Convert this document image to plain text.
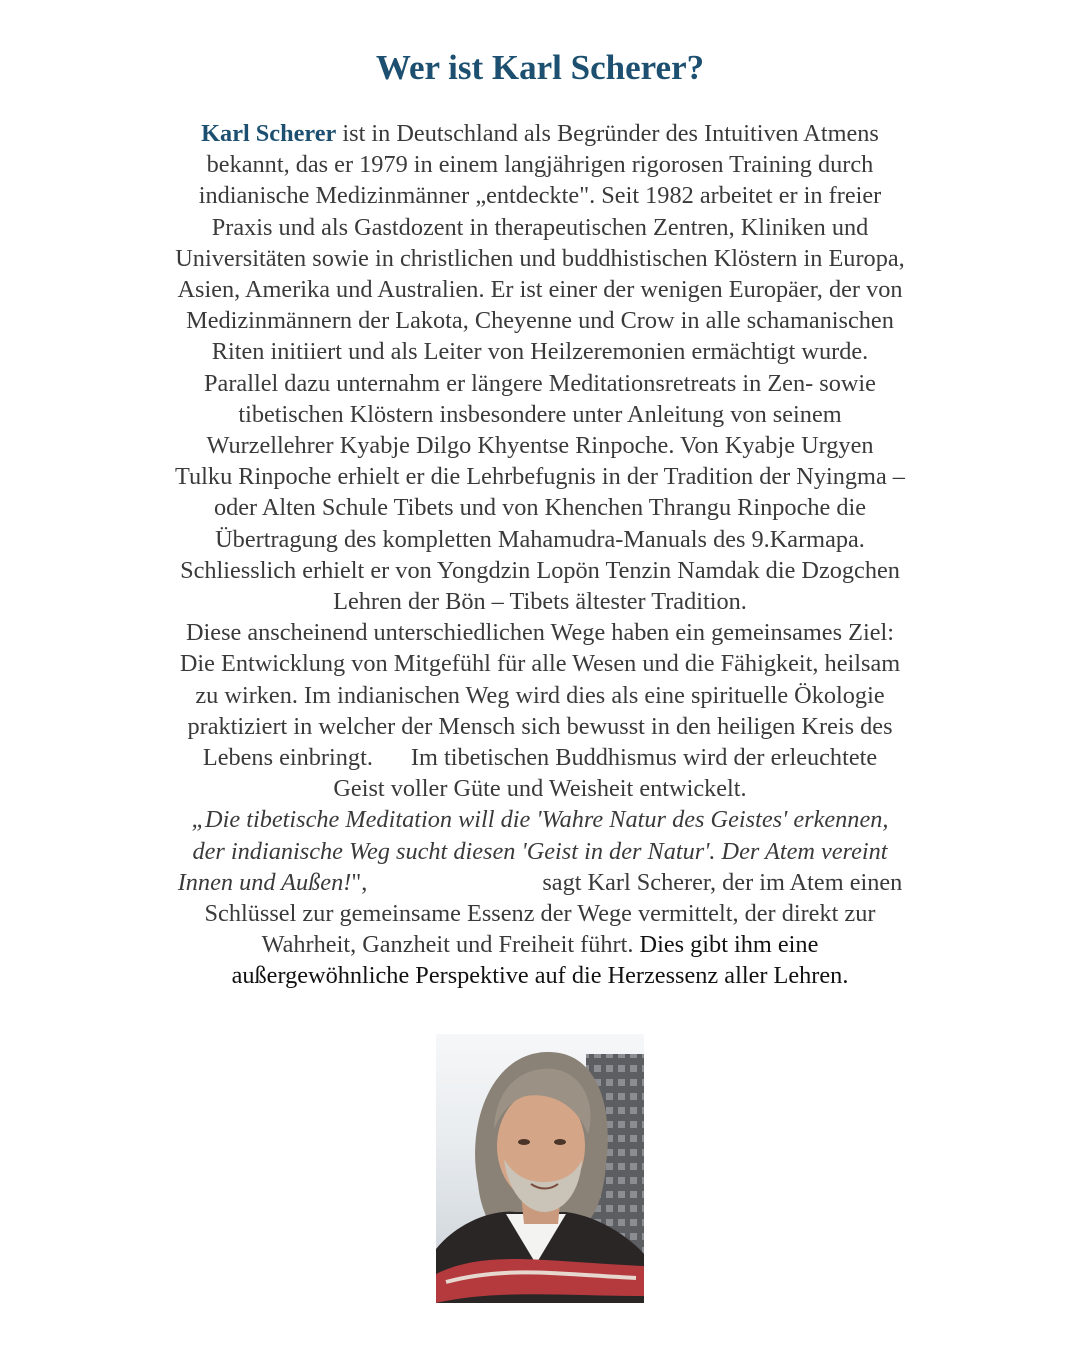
Wer ist Karl Scherer?

Karl Scherer ist in Deutschland als Begründer des Intuitiven Atmens
bekannt, das er 1979 in einem langjährigen rigorosen Training durch
indianische Medizinmänner „entdeckte". Seit 1982 arbeitet er in freier
Praxis und als Gastdozent in therapeutischen Zentren, Kliniken und
Universitäten sowie in christlichen und buddhistischen Klöstern in Europa,
Asien, Amerika und Australien. Er ist einer der wenigen Europäer, der von
Medizinmännern der Lakota, Cheyenne und Crow in alle schamanischen
Riten initiiert und als Leiter von Heilzeremonien ermächtigt wurde.
Parallel dazu unternahm er längere Meditationsretreats in Zen- sowie
tibetischen Klöstern insbesondere unter Anleitung von seinem
Wurzellehrer Kyabje Dilgo Khyentse Rinpoche. Von Kyabje Urgyen
Tulku Rinpoche erhielt er die Lehrbefugnis in der Tradition der Nyingma –
oder Alten Schule Tibets und von Khenchen Thrangu Rinpoche die
Übertragung des kompletten Mahamudra-Manuals des 9.Karmapa.
Schliesslich erhielt er von Yongdzin Lopön Tenzin Namdak die Dzogchen
Lehren der Bön – Tibets ältester Tradition.
Diese anscheinend unterschiedlichen Wege haben ein gemeinsames Ziel:
Die Entwicklung von Mitgefühl für alle Wesen und die Fähigkeit, heilsam
zu wirken. Im indianischen Weg wird dies als eine spirituelle Ökologie
praktiziert in welcher der Mensch sich bewusst in den heiligen Kreis des
Lebens einbringt. Im tibetischen Buddhismus wird der erleuchtete
Geist voller Güte und Weisheit entwickelt.
„Die tibetische Meditation will die 'Wahre Natur des Geistes' erkennen,
der indianische Weg sucht diesen 'Geist in der Natur'. Der Atem vereint
Innen und Außen!",	sagt Karl Scherer, der im Atem einen
Schlüssel zur gemeinsame Essenz der Wege vermittelt, der direkt zur
Wahrheit, Ganzheit und Freiheit führt. Dies gibt ihm eine
außergewöhnliche Perspektive auf die Herzessenz aller Lehren.
